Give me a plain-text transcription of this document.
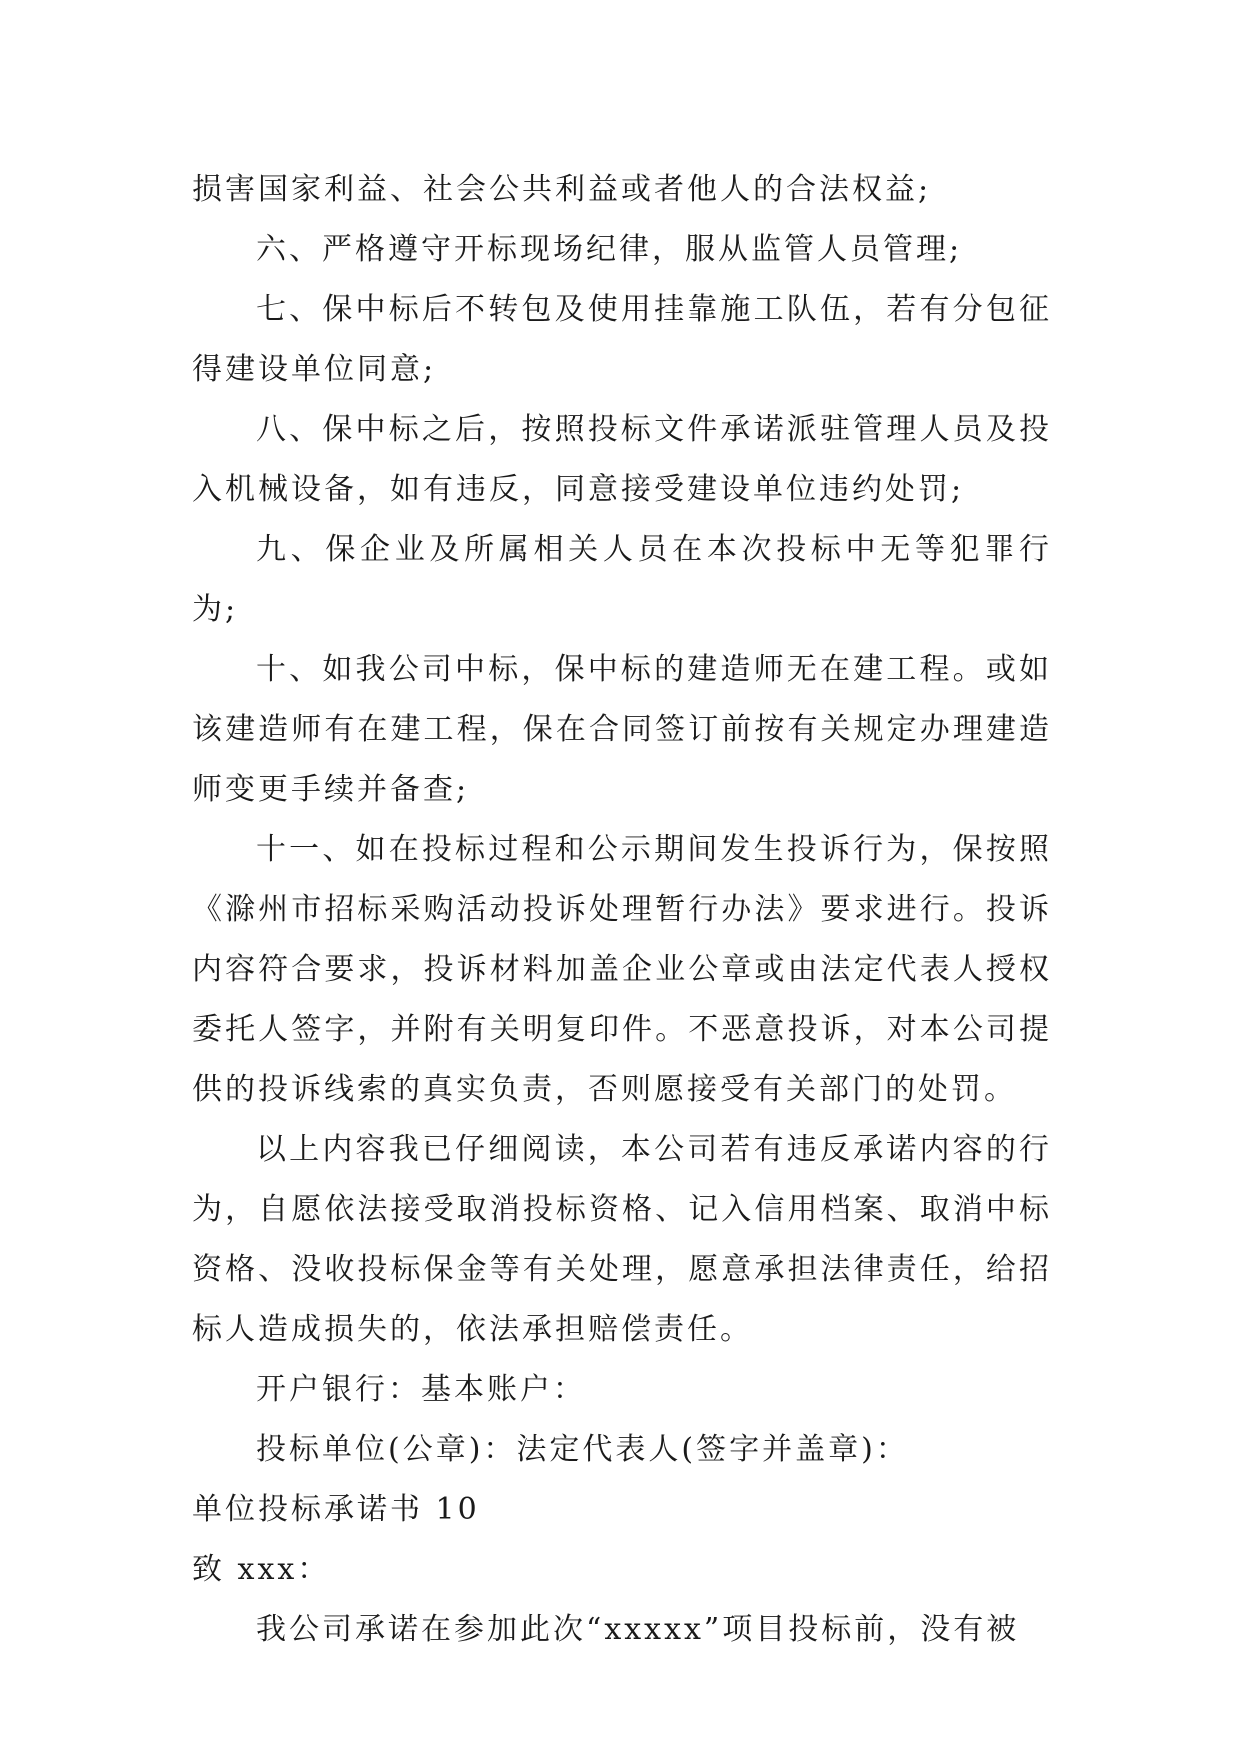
损害国家利益、社会公共利益或者他人的合法权益;

六、严格遵守开标现场纪律，服从监管人员管理;

七、保中标后不转包及使用挂靠施工队伍，若有分包征得建设单位同意;

八、保中标之后，按照投标文件承诺派驻管理人员及投入机械设备，如有违反，同意接受建设单位违约处罚;

九、保企业及所属相关人员在本次投标中无等犯罪行为;

十、如我公司中标，保中标的建造师无在建工程。或如该建造师有在建工程，保在合同签订前按有关规定办理建造师变更手续并备查;

十一、如在投标过程和公示期间发生投诉行为，保按照《滁州市招标采购活动投诉处理暂行办法》要求进行。投诉内容符合要求，投诉材料加盖企业公章或由法定代表人授权委托人签字，并附有关明复印件。不恶意投诉，对本公司提供的投诉线索的真实负责，否则愿接受有关部门的处罚。

以上内容我已仔细阅读，本公司若有违反承诺内容的行为，自愿依法接受取消投标资格、记入信用档案、取消中标资格、没收投标保金等有关处理，愿意承担法律责任，给招标人造成损失的，依法承担赔偿责任。

开户银行：基本账户：

投标单位(公章)：法定代表人(签字并盖章)：

单位投标承诺书 10

致 xxx：

我公司承诺在参加此次“xxxxx”项目投标前，没有被
